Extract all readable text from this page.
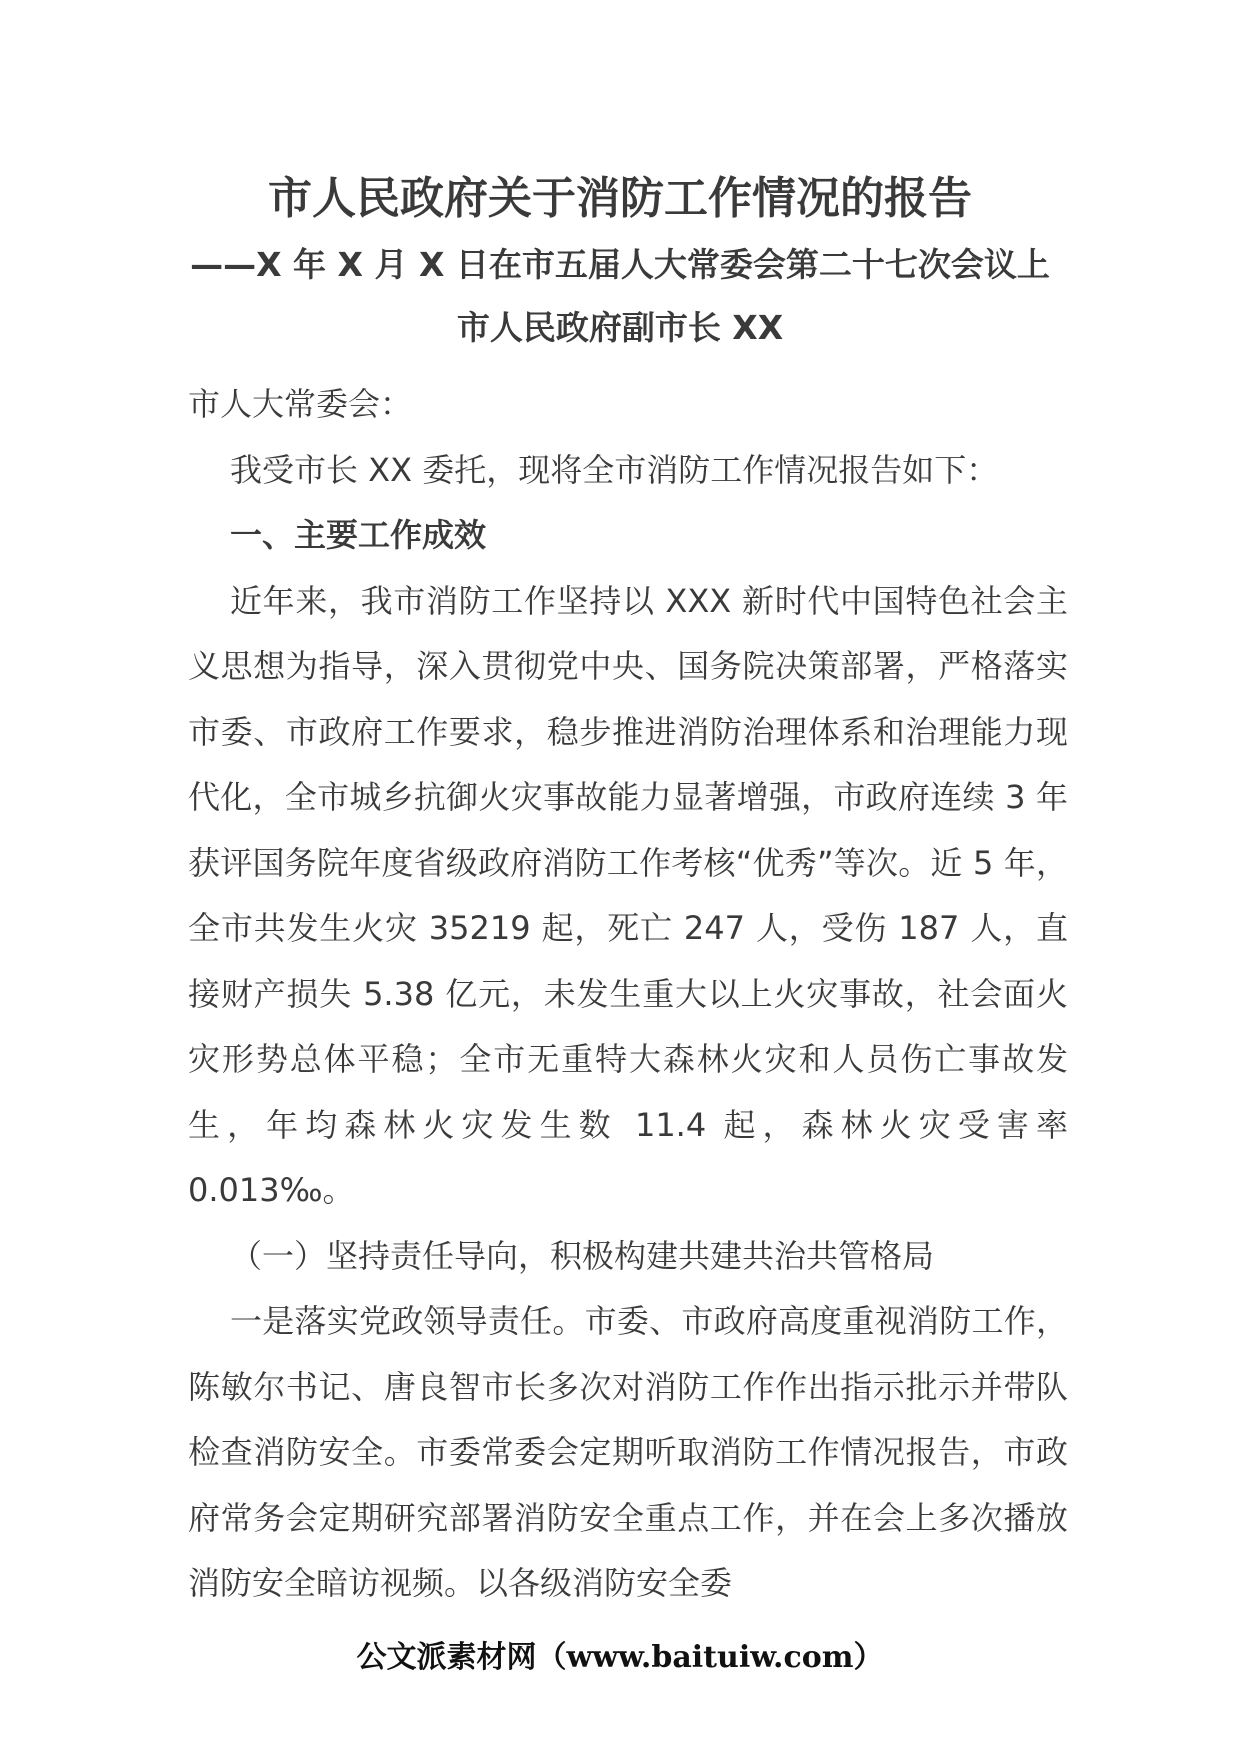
市人民政府关于消防工作情况的报告
——X 年 X 月 X 日在市五届人大常委会第二十七次会议上
市人民政府副市长 XX

市人大常委会：

我受市长 XX 委托，现将全市消防工作情况报告如下：

一、主要工作成效

近年来，我市消防工作坚持以 XXX 新时代中国特色社会主义思想为指导，深入贯彻党中央、国务院决策部署，严格落实市委、市政府工作要求，稳步推进消防治理体系和治理能力现代化，全市城乡抗御火灾事故能力显著增强，市政府连续 3 年获评国务院年度省级政府消防工作考核“优秀”等次。近 5 年，全市共发生火灾 35219 起，死亡 247 人，受伤 187 人，直接财产损失 5.38 亿元，未发生重大以上火灾事故，社会面火灾形势总体平稳；全市无重特大森林火灾和人员伤亡事故发生，年均森林火灾发生数 11.4 起，森林火灾受害率 0.013‰。

（一）坚持责任导向，积极构建共建共治共管格局

一是落实党政领导责任。市委、市政府高度重视消防工作，陈敏尔书记、唐良智市长多次对消防工作作出指示批示并带队检查消防安全。市委常委会定期听取消防工作情况报告，市政府常务会定期研究部署消防安全重点工作，并在会上多次播放消防安全暗访视频。以各级消防安全委

公文派素材网（www.baituiw.com）
